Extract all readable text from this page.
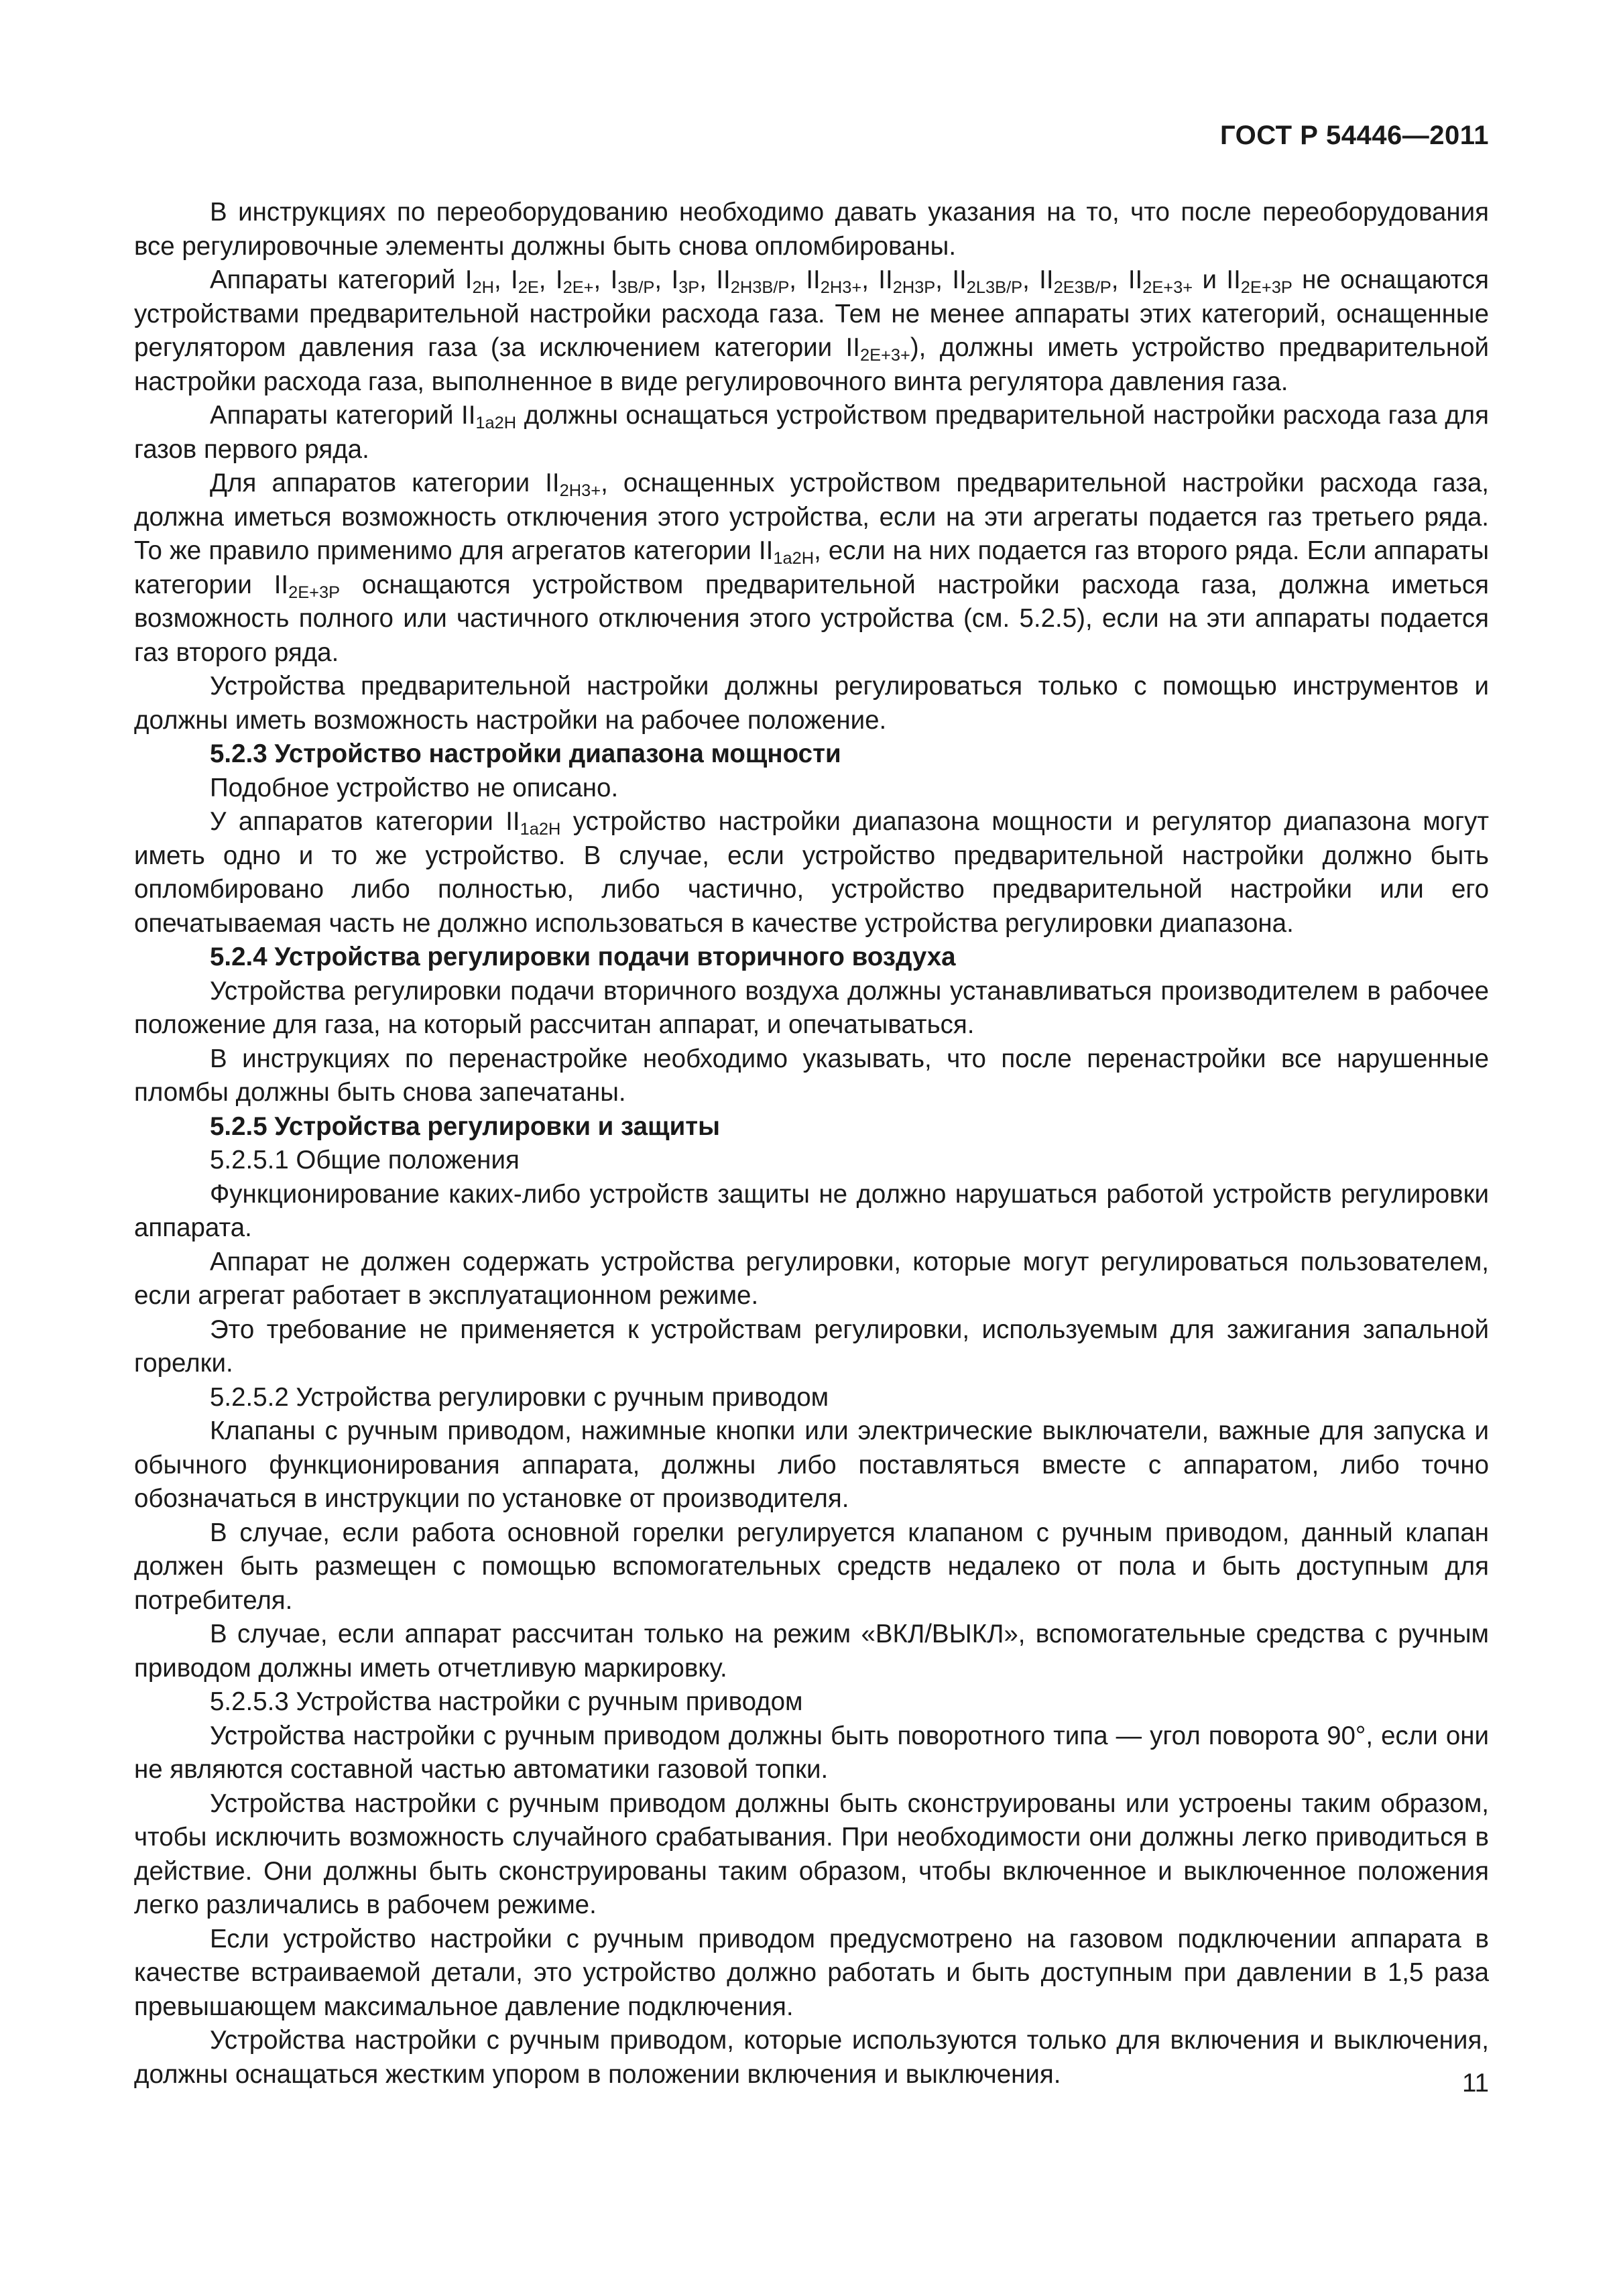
ГОСТ Р 54446—2011

В инструкциях по переоборудованию необходимо давать указания на то, что после переоборудования все регулировочные элементы должны быть снова опломбированы.

Аппараты категорий $I_{2H}$, $I_{2E}$, $I_{2E+}$, $I_{3B/P}$, $I_{3P}$, $II_{2H3B/P}$, $II_{2H3+}$, $II_{2H3P}$, $II_{2L3B/P}$, $II_{2E3B/P}$, $II_{2E+3+}$ и $II_{2E+3P}$ не оснащаются устройствами предварительной настройки расхода газа. Тем не менее аппараты этих категорий, оснащенные регулятором давления газа (за исключением категории $II_{2E+3+}$), должны иметь устройство предварительной настройки расхода газа, выполненное в виде регулировочного винта регулятора давления газа.

Аппараты категорий $II_{1a2H}$ должны оснащаться устройством предварительной настройки расхода газа для газов первого ряда.

Для аппаратов категории $II_{2H3+}$, оснащенных устройством предварительной настройки расхода газа, должна иметься возможность отключения этого устройства, если на эти агрегаты подается газ третьего ряда. То же правило применимо для агрегатов категории $II_{1a2H}$, если на них подается газ второго ряда. Если аппараты категории $II_{2E+3P}$ оснащаются устройством предварительной настройки расхода газа, должна иметься возможность полного или частичного отключения этого устройства (см. 5.2.5), если на эти аппараты подается газ второго ряда.

Устройства предварительной настройки должны регулироваться только с помощью инструментов и должны иметь возможность настройки на рабочее положение.

5.2.3 Устройство настройки диапазона мощности

Подобное устройство не описано.

У аппаратов категории $II_{1a2H}$ устройство настройки диапазона мощности и регулятор диапазона могут иметь одно и то же устройство. В случае, если устройство предварительной настройки должно быть опломбировано либо полностью, либо частично, устройство предварительной настройки или его опечатываемая часть не должно использоваться в качестве устройства регулировки диапазона.

5.2.4 Устройства регулировки подачи вторичного воздуха

Устройства регулировки подачи вторичного воздуха должны устанавливаться производителем в рабочее положение для газа, на который рассчитан аппарат, и опечатываться.

В инструкциях по перенастройке необходимо указывать, что после перенастройки все нарушенные пломбы должны быть снова запечатаны.

5.2.5 Устройства регулировки и защиты

5.2.5.1 Общие положения

Функционирование каких-либо устройств защиты не должно нарушаться работой устройств регулировки аппарата.

Аппарат не должен содержать устройства регулировки, которые могут регулироваться пользователем, если агрегат работает в эксплуатационном режиме.

Это требование не применяется к устройствам регулировки, используемым для зажигания запальной горелки.

5.2.5.2 Устройства регулировки с ручным приводом

Клапаны с ручным приводом, нажимные кнопки или электрические выключатели, важные для запуска и обычного функционирования аппарата, должны либо поставляться вместе с аппаратом, либо точно обозначаться в инструкции по установке от производителя.

В случае, если работа основной горелки регулируется клапаном с ручным приводом, данный клапан должен быть размещен с помощью вспомогательных средств недалеко от пола и быть доступным для потребителя.

В случае, если аппарат рассчитан только на режим «ВКЛ/ВЫКЛ», вспомогательные средства с ручным приводом должны иметь отчетливую маркировку.

5.2.5.3 Устройства настройки с ручным приводом

Устройства настройки с ручным приводом должны быть поворотного типа — угол поворота 90°, если они не являются составной частью автоматики газовой топки.

Устройства настройки с ручным приводом должны быть сконструированы или устроены таким образом, чтобы исключить возможность случайного срабатывания. При необходимости они должны легко приводиться в действие. Они должны быть сконструированы таким образом, чтобы включенное и выключенное положения легко различались в рабочем режиме.

Если устройство настройки с ручным приводом предусмотрено на газовом подключении аппарата в качестве встраиваемой детали, это устройство должно работать и быть доступным при давлении в 1,5 раза превышающем максимальное давление подключения.

Устройства настройки с ручным приводом, которые используются только для включения и выключения, должны оснащаться жестким упором в положении включения и выключения.	11
